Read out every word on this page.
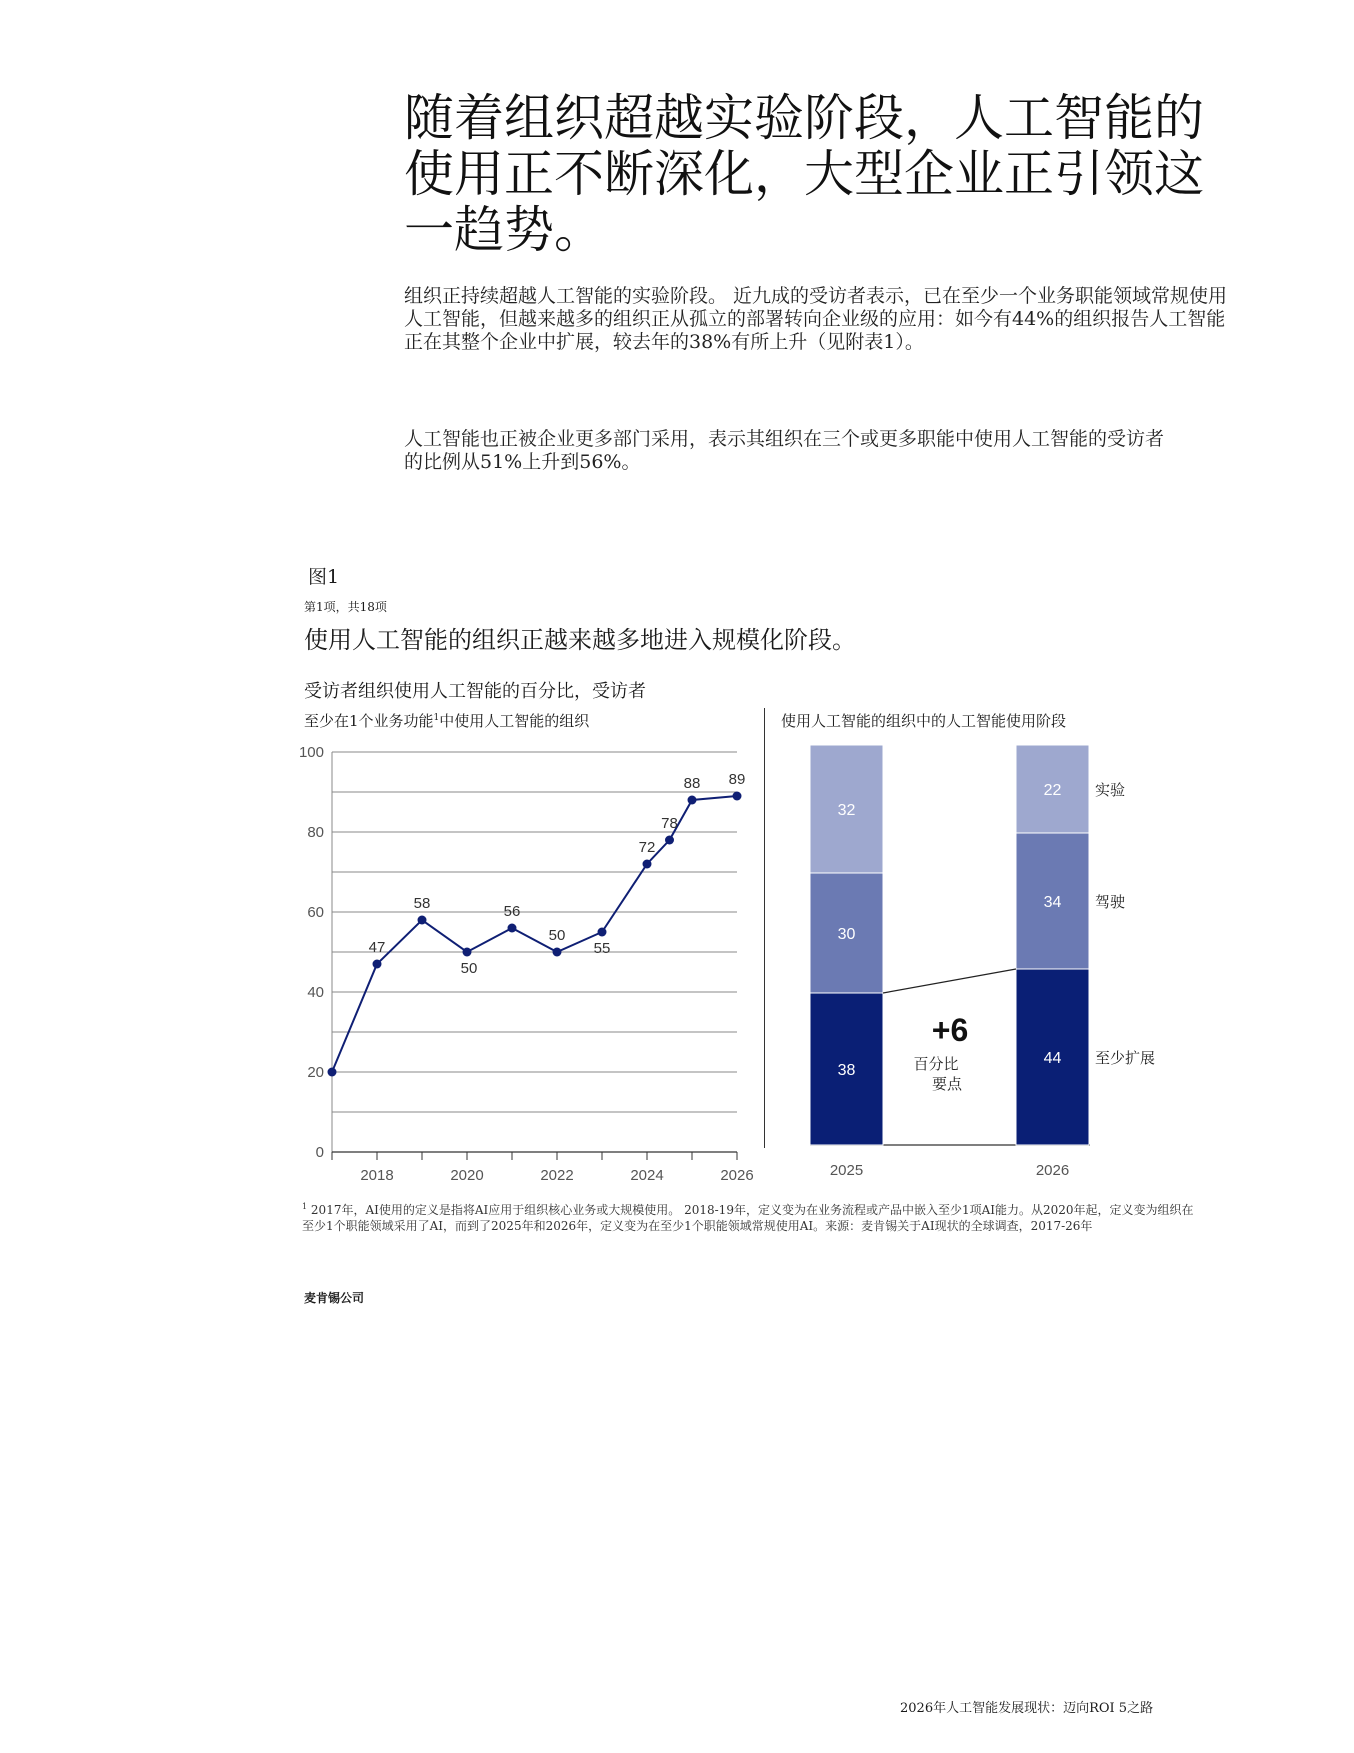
随着组织超越实验阶段，人工智能的使用正不断深化，大型企业正引领这一趋势。

组织正持续超越人工智能的实验阶段。 近九成的受访者表示，已在至少一个业务职能领域常规使用人工智能，但越来越多的组织正从孤立的部署转向企业级的应用：如今有44%的组织报告人工智能正在其整个企业中扩展，较去年的38%有所上升（见附表1）。

人工智能也正被企业更多部门采用，表示其组织在三个或更多职能中使用人工智能的受访者的比例从51%上升到56%。

图1
第1项，共18项
使用人工智能的组织正越来越多地进入规模化阶段。
受访者组织使用人工智能的百分比，受访者
至少在1个业务功能$^1$中使用人工智能的组织	使用人工智能的组织中的人工智能使用阶段
0
20
40
60
80
100
2018	2020	2022	2024	2026
47
58
50
56
50
55
72
78
88 89
38
30
32
2025
44
34
22
2026
至少扩展
驾驶
实验
+6
百分比
要点
$^1$ 2017年，AI使用的定义是指将AI应用于组织核心业务或大规模使用。 2018-19年，定义变为在业务流程或产品中嵌入至少1项AI能力。从2020年起，定义变为组织在至少1个职能领域采用了AI，而到了2025年和2026年，定义变为在至少1个职能领域常规使用AI。来源：麦肯锡关于AI现状的全球调查，2017-26年
麦肯锡公司
2026年人工智能发展现状：迈向ROI 5之路
